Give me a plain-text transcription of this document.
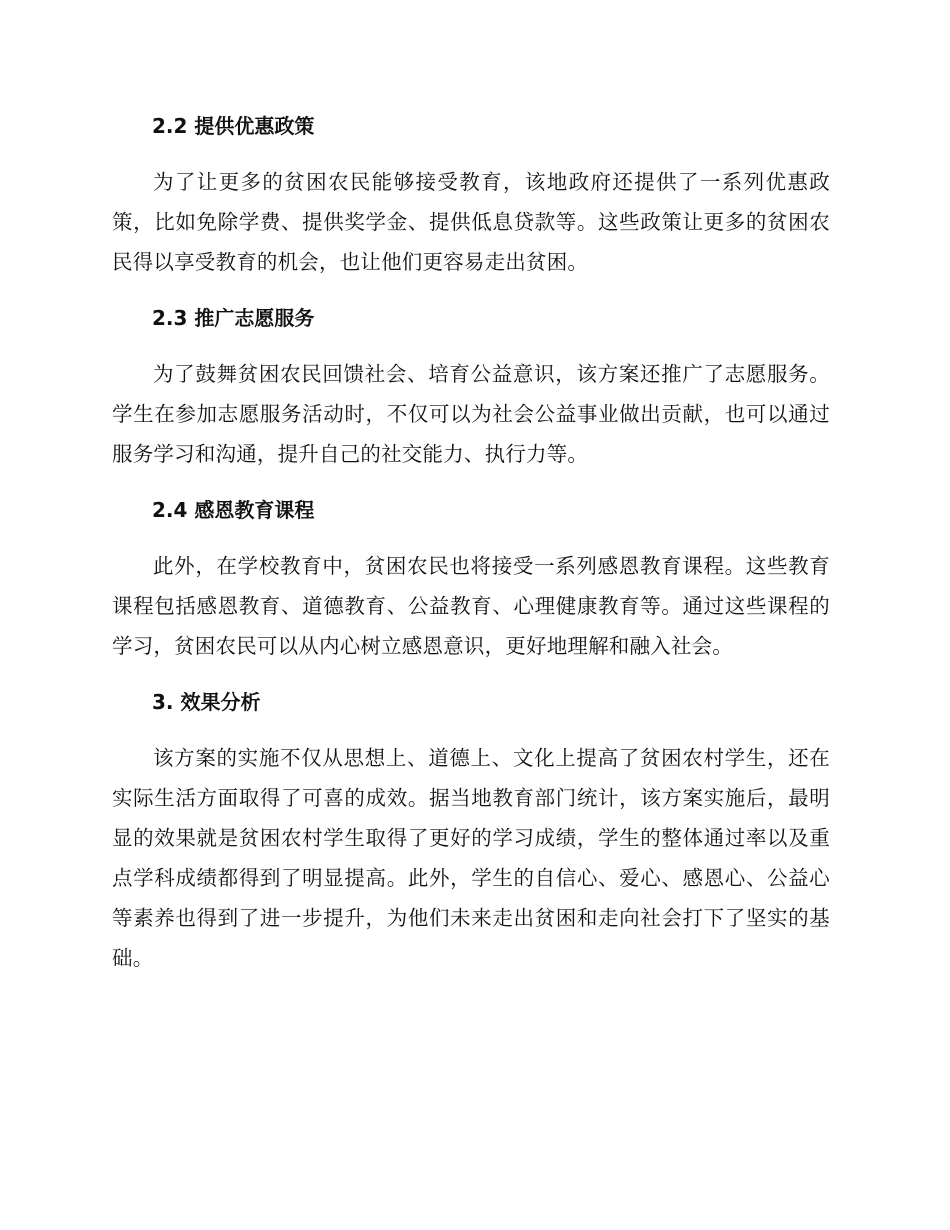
2.2 提供优惠政策

为了让更多的贫困农民能够接受教育，该地政府还提供了一系列优惠政策，比如免除学费、提供奖学金、提供低息贷款等。这些政策让更多的贫困农民得以享受教育的机会，也让他们更容易走出贫困。

2.3 推广志愿服务

为了鼓舞贫困农民回馈社会、培育公益意识，该方案还推广了志愿服务。学生在参加志愿服务活动时，不仅可以为社会公益事业做出贡献，也可以通过服务学习和沟通，提升自己的社交能力、执行力等。

2.4 感恩教育课程

此外，在学校教育中，贫困农民也将接受一系列感恩教育课程。这些教育课程包括感恩教育、道德教育、公益教育、心理健康教育等。通过这些课程的学习，贫困农民可以从内心树立感恩意识，更好地理解和融入社会。

3. 效果分析

该方案的实施不仅从思想上、道德上、文化上提高了贫困农村学生，还在实际生活方面取得了可喜的成效。据当地教育部门统计，该方案实施后，最明显的效果就是贫困农村学生取得了更好的学习成绩，学生的整体通过率以及重点学科成绩都得到了明显提高。此外，学生的自信心、爱心、感恩心、公益心等素养也得到了进一步提升，为他们未来走出贫困和走向社会打下了坚实的基础。
